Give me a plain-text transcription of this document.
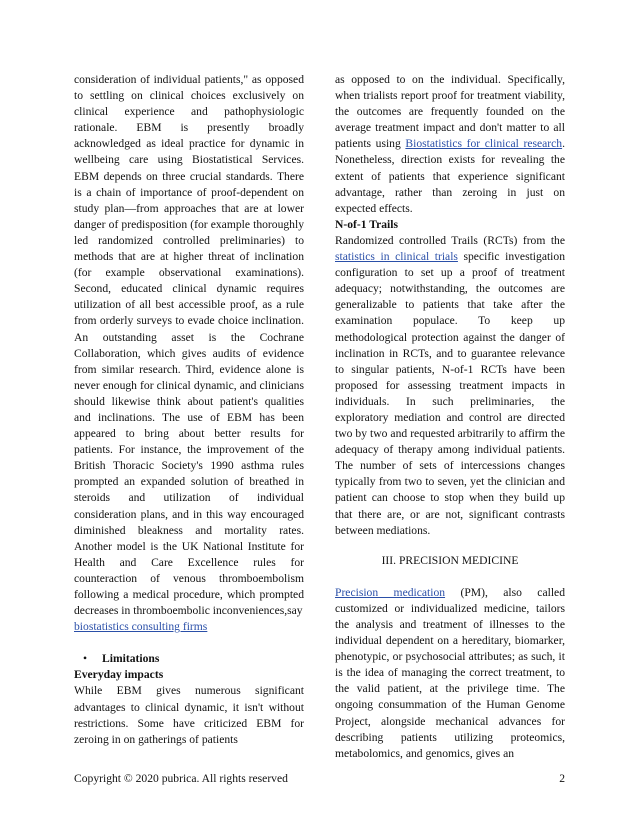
consideration of individual patients," as opposed to settling on clinical choices exclusively on clinical experience and pathophysiologic rationale. EBM is presently broadly acknowledged as ideal practice for dynamic in wellbeing care using Biostatistical Services. EBM depends on three crucial standards. There is a chain of importance of proof-dependent on study plan—from approaches that are at lower danger of predisposition (for example thoroughly led randomized controlled preliminaries) to methods that are at higher threat of inclination (for example observational examinations). Second, educated clinical dynamic requires utilization of all best accessible proof, as a rule from orderly surveys to evade choice inclination. An outstanding asset is the Cochrane Collaboration, which gives audits of evidence from similar research. Third, evidence alone is never enough for clinical dynamic, and clinicians should likewise think about patient's qualities and inclinations. The use of EBM has been appeared to bring about better results for patients. For instance, the improvement of the British Thoracic Society's 1990 asthma rules prompted an expanded solution of breathed in steroids and utilization of individual consideration plans, and in this way encouraged diminished bleakness and mortality rates. Another model is the UK National Institute for Health and Care Excellence rules for counteraction of venous thromboembolism following a medical procedure, which prompted decreases in thromboembolic inconveniences,say
biostatistics consulting firms

• Limitations

Everyday impacts

While EBM gives numerous significant advantages to clinical dynamic, it isn't without restrictions. Some have criticized EBM for zeroing in on gatherings of patients

as opposed to on the individual. Specifically, when trialists report proof for treatment viability, the outcomes are frequently founded on the average treatment impact and don't matter to all patients using Biostatistics for clinical research. Nonetheless, direction exists for revealing the extent of patients that experience significant advantage, rather than zeroing in just on expected effects.

N-of-1 Trails

Randomized controlled Trails (RCTs) from the statistics in clinical trials specific investigation configuration to set up a proof of treatment adequacy; notwithstanding, the outcomes are generalizable to patients that take after the examination populace. To keep up methodological protection against the danger of inclination in RCTs, and to guarantee relevance to singular patients, N-of-1 RCTs have been proposed for assessing treatment impacts in individuals. In such preliminaries, the exploratory mediation and control are directed two by two and requested arbitrarily to affirm the adequacy of therapy among individual patients. The number of sets of intercessions changes typically from two to seven, yet the clinician and patient can choose to stop when they build up that there are, or are not, significant contrasts between mediations.

III. PRECISION MEDICINE

Precision medication (PM), also called customized or individualized medicine, tailors the analysis and treatment of illnesses to the individual dependent on a hereditary, biomarker, phenotypic, or psychosocial attributes; as such, it is the idea of managing the correct treatment, to the valid patient, at the privilege time. The ongoing consummation of the Human Genome Project, alongside mechanical advances for describing patients utilizing proteomics, metabolomics, and genomics, gives an

Copyright © 2020 pubrica. All rights reserved	2
